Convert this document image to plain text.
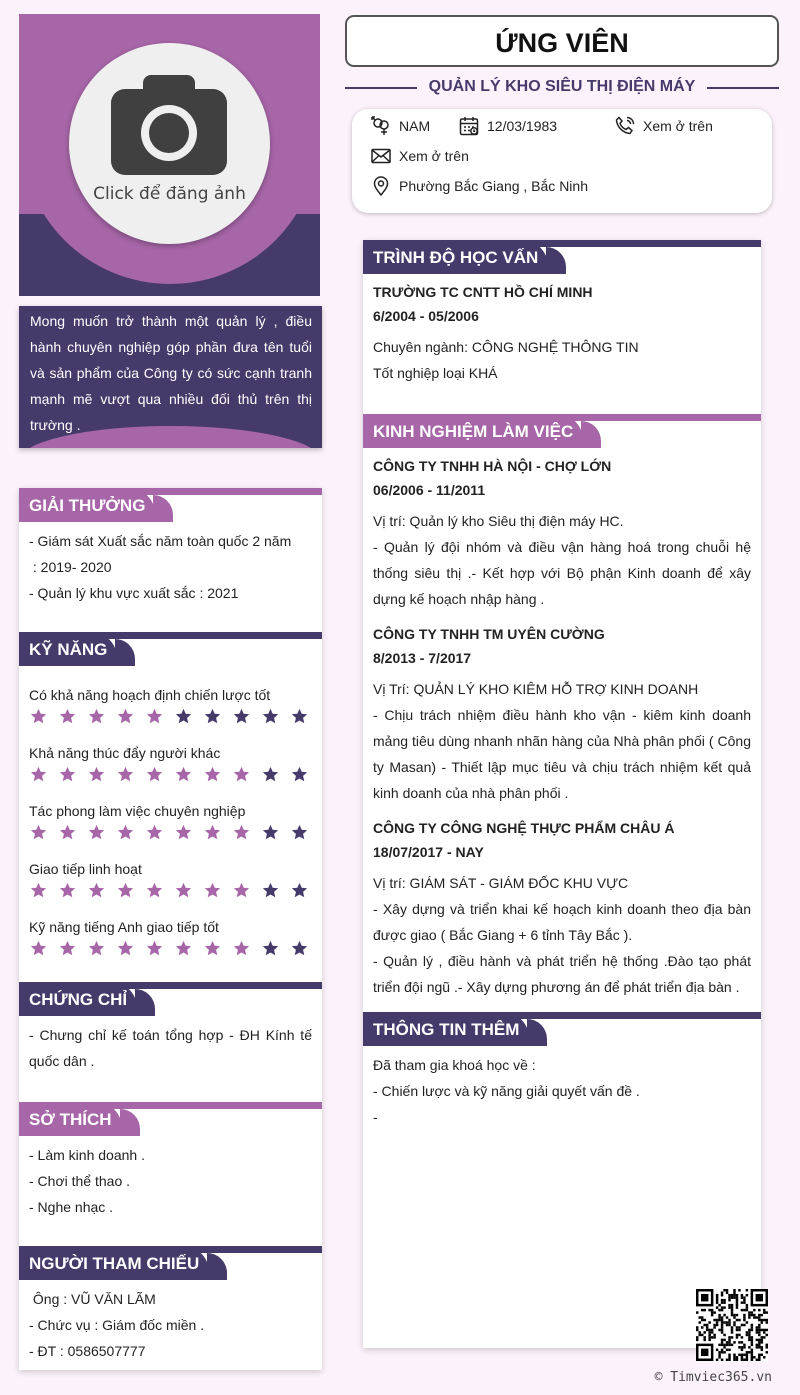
Click để đăng ảnh
Mong muốn trở thành một quản lý , điều hành chuyên nghiệp góp phần đưa tên tuổi và sản phẩm của Công ty có sức cạnh tranh mạnh mẽ vượt qua nhiều đối thủ trên thị trường .
GIẢI THƯỞNG
- Giám sát Xuất sắc năm toàn quốc 2 năm
: 2019- 2020
- Quản lý khu vực xuất sắc : 2021
KỸ NĂNG
Có khả năng hoạch định chiến lược tốt
Khả năng thúc đẩy người khác
Tác phong làm việc chuyên nghiệp
Giao tiếp linh hoạt
Kỹ năng tiếng Anh giao tiếp tốt
CHỨNG CHỈ
- Chưng chỉ kế toán tổng hợp - ĐH Kính tế quốc dân .
SỞ THÍCH
- Làm kinh doanh .
- Chơi thể thao .
- Nghe nhạc .
NGƯỜI THAM CHIẾU
Ông : VŨ VĂN LÃM
- Chức vụ : Giám đốc miền .
- ĐT : 0586507777
ỨNG VIÊN
QUẢN LÝ KHO SIÊU THỊ ĐIỆN MÁY
NAM	12/03/1983	Xem ở trên
Xem ở trên
Phường Bắc Giang , Bắc Ninh
TRÌNH ĐỘ HỌC VẤN
TRƯỜNG TC CNTT HỒ CHÍ MINH
6/2004 - 05/2006
Chuyên ngành: CÔNG NGHỆ THÔNG TIN
Tốt nghiệp loại KHÁ
KINH NGHIỆM LÀM VIỆC
CÔNG TY TNHH HÀ NỘI - CHỢ LỚN
06/2006 - 11/2011
Vị trí: Quản lý kho Siêu thị điện máy HC.

- Quản lý đội nhóm và điều vận hàng hoá trong chuỗi hệ thống siêu thị .- Kết hợp với Bộ phận Kinh doanh để xây dựng kế hoạch nhập hàng .

CÔNG TY TNHH TM UYÊN CƯỜNG
8/2013 - 7/2017
Vị Trí: QUẢN LÝ KHO KIÊM HỖ TRỢ KINH DOANH

- Chịu trách nhiệm điều hành kho vận - kiêm kinh doanh mảng tiêu dùng nhanh nhãn hàng của Nhà phân phối ( Công ty Masan) - Thiết lập mục tiêu và chịu trách nhiệm kết quả kinh doanh của nhà phân phối .

CÔNG TY CÔNG NGHỆ THỰC PHẨM CHÂU Á
18/07/2017 - NAY
Vị trí: GIÁM SÁT - GIÁM ĐỐC KHU VỰC

- Xây dựng và triển khai kế hoạch kinh doanh theo địa bàn được giao ( Bắc Giang + 6 tỉnh Tây Bắc ).

- Quản lý , điều hành và phát triển hệ thống .Đào tạo phát triển đội ngũ .- Xây dựng phương án để phát triển địa bàn .

THÔNG TIN THÊM
Đã tham gia khoá học về :
- Chiến lược và kỹ năng giải quyết vấn đề .
-
© Timviec365.vn
